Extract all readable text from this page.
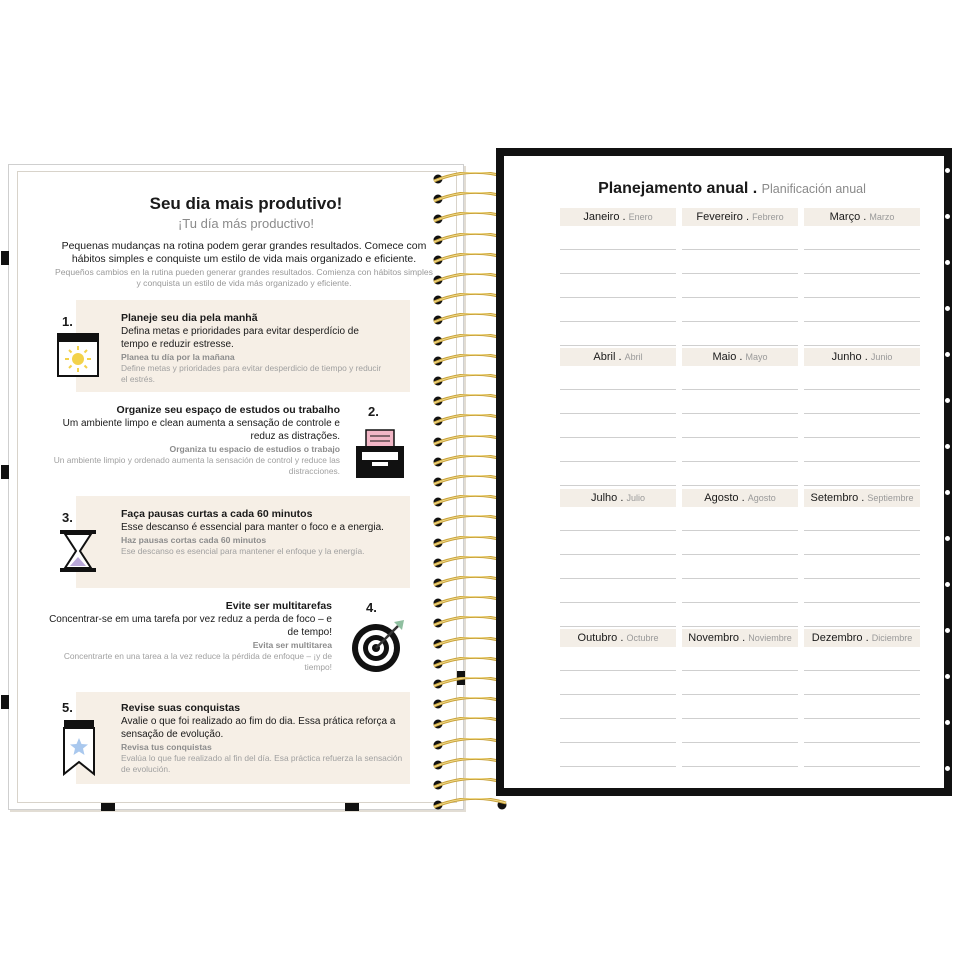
Seu dia mais produtivo!
¡Tu día más productivo!
Pequenas mudanças na rotina podem gerar grandes resultados. Comece com hábitos simples e conquiste um estilo de vida mais organizado e eficiente.
Pequeños cambios en la rutina pueden generar grandes resultados. Comienza con hábitos simples y conquista un estilo de vida más organizado y eficiente.
1.	Planeje seu dia pela manhã
Defina metas e prioridades para evitar desperdício de tempo e reduzir estresse.
Planea tu día por la mañana
Define metas y prioridades para evitar desperdicio de tiempo y reducir el estrés.
2.
Organize seu espaço de estudos ou trabalho
Um ambiente limpo e clean aumenta a sensação de controle e reduz as distrações.
Organiza tu espacio de estudios o trabajo
Un ambiente limpio y ordenado aumenta la sensación de control y reduce las distracciones.
3.	Faça pausas curtas a cada 60 minutos
Esse descanso é essencial para manter o foco e a energia.
Haz pausas cortas cada 60 minutos
Ese descanso es esencial para mantener el enfoque y la energía.
4.
Evite ser multitarefas
Concentrar-se em uma tarefa por vez reduz a perda de foco – e de tempo!
Evita ser multitarea
Concentrarte en una tarea a la vez reduce la pérdida de enfoque – ¡y de tiempo!
5.	Revise suas conquistas
Avalie o que foi realizado ao fim do dia. Essa prática reforça a sensação de evolução.
Revisa tus conquistas
Evalúa lo que fue realizado al fin del día. Esa práctica refuerza la sensación de evolución.
Planejamento anual . Planificación anual
Janeiro . Enero	Fevereiro . Febrero	Março . Marzo
Abril . Abril	Maio . Mayo	Junho . Junio
Julho . Julio	Agosto . Agosto	Setembro . Septiembre
Outubro . Octubre	Novembro . Noviembre	Dezembro . Diciembre
